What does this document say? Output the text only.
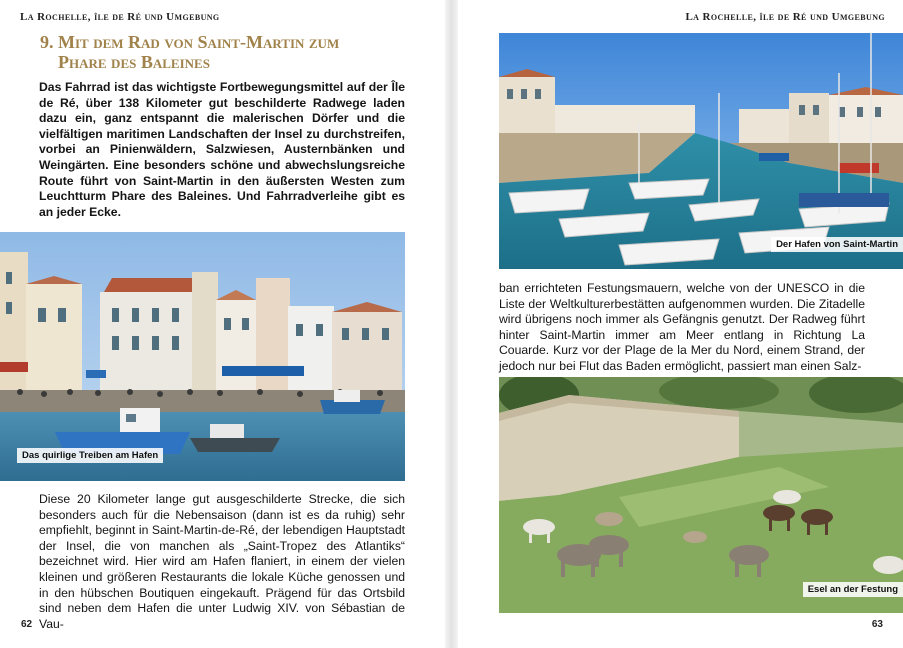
La Rochelle, île de Ré und Umgebung
9. Mit dem Rad von Saint-Martin zum
Phare des Baleines

Das Fahrrad ist das wichtigste Fortbewegungsmittel auf der Île de Ré, über 138 Kilometer gut beschilderte Radwege laden dazu ein, ganz entspannt die malerischen Dörfer und die vielfältigen maritimen Landschaften der Insel zu durchstreifen, vorbei an Pinienwäldern, Salzwiesen, Austernbänken und Weingärten. Eine besonders schöne und abwechslungsreiche Route führt von Saint-Martin in den äußersten Westen zum Leuchtturm Phare des Baleines. Und Fahrradverleihe gibt es an jeder Ecke.

Das quirlige Treiben am Hafen

Diese 20 Kilometer lange gut ausgeschilderte Strecke, die sich besonders auch für die Nebensaison (dann ist es da ruhig) sehr empfiehlt, beginnt in Saint-Martin-de-Ré, der lebendigen Hauptstadt der Insel, die von manchen als „Saint-Tropez des Atlantiks“ bezeichnet wird. Hier wird am Hafen flaniert, in einem der vielen kleinen und größeren Restaurants die lokale Küche genossen und in den hübschen Boutiquen eingekauft. Prägend für das Ortsbild sind neben dem Hafen die unter Ludwig XIV. von Sébastian de Vau-

62
La Rochelle, île de Ré und Umgebung
Der Hafen von Saint-Martin

ban errichteten Festungsmauern, welche von der UNESCO in die Liste der Weltkulturerbestätten aufgenommen wurden. Die Zitadelle wird übrigens noch immer als Gefängnis genutzt. Der Radweg führt hinter Saint-Martin immer am Meer entlang in Richtung La Couarde. Kurz vor der Plage de la Mer du Nord, einem Strand, der jedoch nur bei Flut das Baden ermöglicht, passiert man einen Salz-

Esel an der Festung
63
